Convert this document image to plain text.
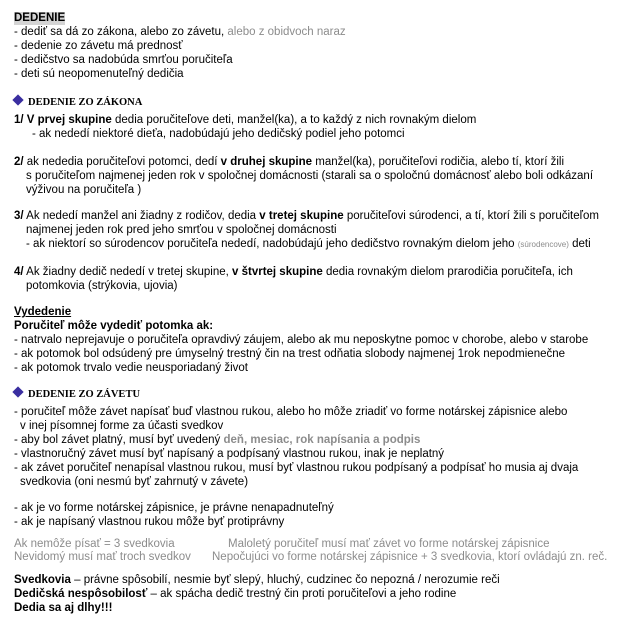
DEDENIE
- dediť sa dá zo zákona, alebo zo závetu, alebo z obidvoch naraz
- dedenie zo závetu má prednosť
- dedičstvo sa nadobúda smrťou poručiteľa
- deti sú neopomenuteľný dedičia
DEDENIE ZO ZÁKONA
1/ V prvej skupine dedia poručiteľove deti, manžel(ka), a to každý z nich rovnakým dielom
- ak nededí niektoré dieťa, nadobúdajú jeho dedičský podiel jeho potomci
2/ ak nededia poručiteľovi potomci, dedí v druhej skupine manžel(ka), poručiteľovi rodičia, alebo tí, ktorí žili
s poručiteľom najmenej jeden rok v spoločnej domácnosti (starali sa o spoločnú domácnosť alebo boli odkázaní
výživou na poručiteľa )
3/ Ak nededí manžel ani žiadny z rodičov, dedia v tretej skupine poručiteľovi súrodenci, a tí, ktorí žili s poručiteľom
najmenej jeden rok pred jeho smrťou v spoločnej domácnosti
- ak niektorí so súrodencov poručiteľa nededí, nadobúdajú jeho dedičstvo rovnakým dielom jeho (súrodencove) deti
4/ Ak žiadny dedič nededí v tretej skupine, v štvrtej skupine dedia rovnakým dielom prarodičia poručiteľa, ich
potomkovia (strýkovia, ujovia)
Vydedenie
Poručiteľ môže vydediť potomka ak:
- natrvalo neprejavuje o poručiteľa opravdivý záujem, alebo ak mu neposkytne pomoc v chorobe, alebo v starobe
- ak potomok bol odsúdený pre úmyselný trestný čin na trest odňatia slobody najmenej 1rok nepodmienečne
- ak potomok trvalo vedie neusporiadaný život
DEDENIE ZO ZÁVETU
- poručiteľ môže závet napísať buď vlastnou rukou, alebo ho môže zriadiť vo forme notárskej zápisnice alebo
v inej písomnej forme za účasti svedkov
- aby bol závet platný, musí byť uvedený deň, mesiac, rok napísania a podpis
- vlastnoručný závet musí byť napísaný a podpísaný vlastnou rukou, inak je neplatný
- ak závet poručiteľ nenapísal vlastnou rukou, musí byť vlastnou rukou podpísaný a podpísať ho musia aj dvaja
svedkovia (oni nesmú byť zahrnutý v závete)
- ak je vo forme notárskej zápisnice, je právne nenapadnuteľný
- ak je napísaný vlastnou rukou môže byť protiprávny
Ak nemôže písať = 3 svedkovia	Maloletý poručiteľ musí mať závet vo forme notárskej zápisnice
Nevidomý musí mať troch svedkov Nepočujúci vo forme notárskej zápisnice + 3 svedkovia, ktorí ovládajú zn. reč.
Svedkovia – právne spôsobilí, nesmie byť slepý, hluchý, cudzinec čo nepozná / nerozumie reči
Dedičská nespôsobilosť – ak spácha dedič trestný čin proti poručiteľovi a jeho rodine
Dedia sa aj dlhy!!!
